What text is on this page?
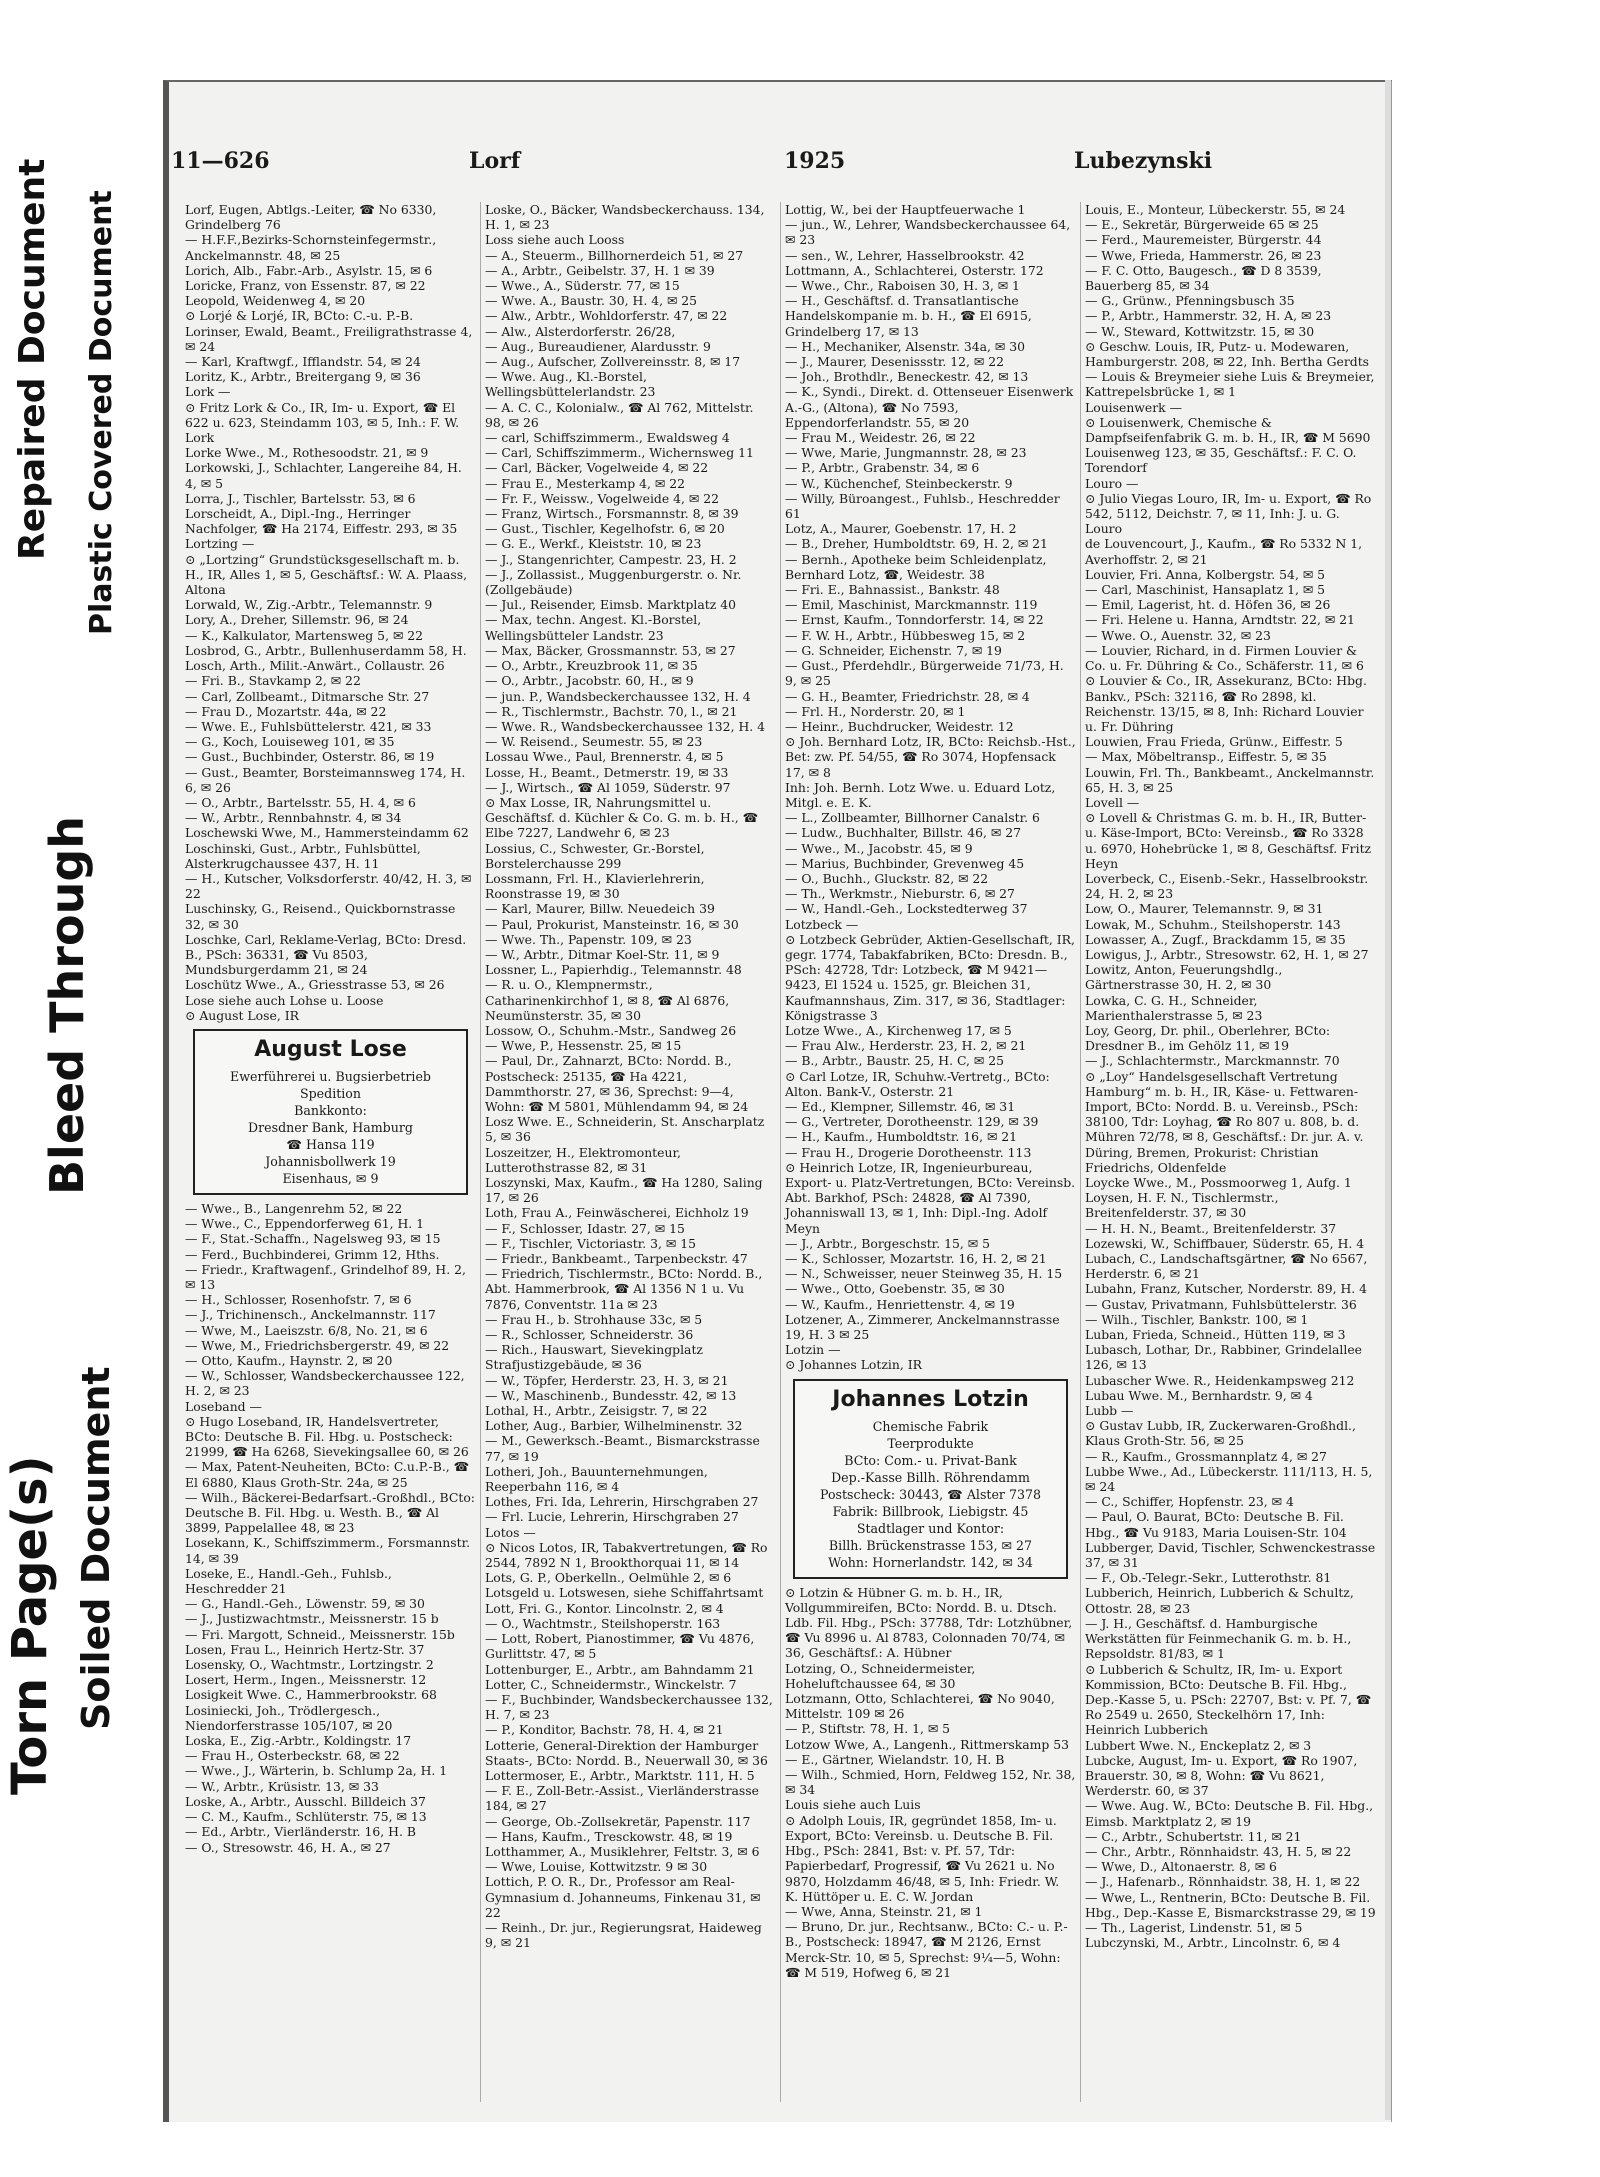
Repaired Document Plastic Covered Document
Bleed Through
Torn Page(s) Soiled Document
11—626	Lorf	1925	Lubezynski

Lorf, Eugen, Abtlgs.-Leiter, ☎ No 6330, Grindelberg 76

— H.F.F.,Bezirks-Schornsteinfegermstr., Anckelmannstr. 48, ✉ 25

Lorich, Alb., Fabr.-Arb., Asylstr. 15, ✉ 6

Loricke, Franz, von Essenstr. 87, ✉ 22

Leopold, Weidenweg 4, ✉ 20

⊙ Lorjé & Lorjé, IR, BCto: C.-u. P.-B.

Lorinser, Ewald, Beamt., Freiligrathstrasse 4, ✉ 24

— Karl, Kraftwgf., Ifflandstr. 54, ✉ 24

Loritz, K., Arbtr., Breitergang 9, ✉ 36

Lork —

⊙ Fritz Lork & Co., IR, Im- u. Export, ☎ El 622 u. 623, Steindamm 103, ✉ 5, Inh.: F. W. Lork

Lorke Wwe., M., Rothesoodstr. 21, ✉ 9

Lorkowski, J., Schlachter, Langereihe 84, H. 4, ✉ 5

Lorra, J., Tischler, Bartelsstr. 53, ✉ 6

Lorscheidt, A., Dipl.-Ing., Herringer Nachfolger, ☎ Ha 2174, Eiffestr. 293, ✉ 35

Lortzing —

⊙ „Lortzing“ Grundstücksgesellschaft m. b. H., IR, Alles 1, ✉ 5, Geschäftsf.: W. A. Plaass, Altona

Lorwald, W., Zig.-Arbtr., Telemannstr. 9

Lory, A., Dreher, Sillemstr. 96, ✉ 24

— K., Kalkulator, Martensweg 5, ✉ 22

Losbrod, G., Arbtr., Bullenhuserdamm 58, H.

Losch, Arth., Milit.-Anwärt., Collaustr. 26

— Fri. B., Stavkamp 2, ✉ 22

— Carl, Zollbeamt., Ditmarsche Str. 27

— Frau D., Mozartstr. 44a, ✉ 22

— Wwe. E., Fuhlsbüttelerstr. 421, ✉ 33

— G., Koch, Louiseweg 101, ✉ 35

— Gust., Buchbinder, Osterstr. 86, ✉ 19

— Gust., Beamter, Borsteimannsweg 174, H. 6, ✉ 26

— O., Arbtr., Bartelsstr. 55, H. 4, ✉ 6

— W., Arbtr., Rennbahnstr. 4, ✉ 34

Loschewski Wwe, M., Hammersteindamm 62

Loschinski, Gust., Arbtr., Fuhlsbüttel, Alsterkrugchaussee 437, H. 11

— H., Kutscher, Volksdorferstr. 40/42, H. 3, ✉ 22

Luschinsky, G., Reisend., Quickbornstrasse 32, ✉ 30

Loschke, Carl, Reklame-Verlag, BCto: Dresd. B., PSch: 36331, ☎ Vu 8503, Mundsburgerdamm 21, ✉ 24

Loschütz Wwe., A., Griesstrasse 53, ✉ 26

Lose siehe auch Lohse u. Loose

⊙ August Lose, IR

August Lose
Ewerführerei u. Bugsierbetrieb
Spedition
Bankkonto:
Dresdner Bank, Hamburg
☎ Hansa 119
Johannisbollwerk 19
Eisenhaus, ✉ 9

— Wwe., B., Langenrehm 52, ✉ 22

— Wwe., C., Eppendorferweg 61, H. 1

— F., Stat.-Schaffn., Nagelsweg 93, ✉ 15

— Ferd., Buchbinderei, Grimm 12, Hths.

— Friedr., Kraftwagenf., Grindelhof 89, H. 2, ✉ 13

— H., Schlosser, Rosenhofstr. 7, ✉ 6

— J., Trichinensch., Anckelmannstr. 117

— Wwe, M., Laeiszstr. 6/8, No. 21, ✉ 6

— Wwe, M., Friedrichsbergerstr. 49, ✉ 22

— Otto, Kaufm., Haynstr. 2, ✉ 20

— W., Schlosser, Wandsbeckerchaussee 122, H. 2, ✉ 23

Loseband —

⊙ Hugo Loseband, IR, Handelsvertreter, BCto: Deutsche B. Fil. Hbg. u. Postscheck: 21999, ☎ Ha 6268, Sievekingsallee 60, ✉ 26

— Max, Patent-Neuheiten, BCto: C.u.P.-B., ☎ El 6880, Klaus Groth-Str. 24a, ✉ 25

— Wilh., Bäckerei-Bedarfsart.-Großhdl., BCto: Deutsche B. Fil. Hbg. u. Westh. B., ☎ Al 3899, Pappelallee 48, ✉ 23

Losekann, K., Schiffszimmerm., Forsmannstr. 14, ✉ 39

Loseke, E., Handl.-Geh., Fuhlsb., Heschredder 21

— G., Handl.-Geh., Löwenstr. 59, ✉ 30

— J., Justizwachtmstr., Meissnerstr. 15 b

— Fri. Margott, Schneid., Meissnerstr. 15b

Losen, Frau L., Heinrich Hertz-Str. 37

Losensky, O., Wachtmstr., Lortzingstr. 2

Losert, Herm., Ingen., Meissnerstr. 12

Losigkeit Wwe. C., Hammerbrookstr. 68

Losiniecki, Joh., Trödlergesch., Niendorferstrasse 105/107, ✉ 20

Loska, E., Zig.-Arbtr., Koldingstr. 17

— Frau H., Osterbeckstr. 68, ✉ 22

— Wwe., J., Wärterin, b. Schlump 2a, H. 1

— W., Arbtr., Krüsistr. 13, ✉ 33

Loske, A., Arbtr., Ausschl. Billdeich 37

— C. M., Kaufm., Schlüterstr. 75, ✉ 13

— Ed., Arbtr., Vierländerstr. 16, H. B

— O., Stresowstr. 46, H. A., ✉ 27

Loske, O., Bäcker, Wandsbeckerchauss. 134, H. 1, ✉ 23

Loss siehe auch Looss

— A., Steuerm., Billhornerdeich 51, ✉ 27

— A., Arbtr., Geibelstr. 37, H. 1 ✉ 39

— Wwe., A., Süderstr. 77, ✉ 15

— Wwe. A., Baustr. 30, H. 4, ✉ 25

— Alw., Arbtr., Wohldorferstr. 47, ✉ 22

— Alw., Alsterdorferstr. 26/28,

— Aug., Bureaudiener, Alardusstr. 9

— Aug., Aufscher, Zollvereinsstr. 8, ✉ 17

— Wwe. Aug., Kl.-Borstel, Wellingsbüttelerlandstr. 23

— A. C. C., Kolonialw., ☎ Al 762, Mittelstr. 98, ✉ 26

— carl, Schiffszimmerm., Ewaldsweg 4

— Carl, Schiffszimmerm., Wichernsweg 11

— Carl, Bäcker, Vogelweide 4, ✉ 22

— Frau E., Mesterkamp 4, ✉ 22

— Fr. F., Weissw., Vogelweide 4, ✉ 22

— Franz, Wirtsch., Forsmannstr. 8, ✉ 39

— Gust., Tischler, Kegelhofstr. 6, ✉ 20

— G. E., Werkf., Kleiststr. 10, ✉ 23

— J., Stangenrichter, Campestr. 23, H. 2

— J., Zollassist., Muggenburgerstr. o. Nr. (Zollgebäude)

— Jul., Reisender, Eimsb. Marktplatz 40

— Max, techn. Angest. Kl.-Borstel, Wellingsbütteler Landstr. 23

— Max, Bäcker, Grossmannstr. 53, ✉ 27

— O., Arbtr., Kreuzbrook 11, ✉ 35

— O., Arbtr., Jacobstr. 60, H., ✉ 9

— jun. P., Wandsbeckerchaussee 132, H. 4

— R., Tischlermstr., Bachstr. 70, l., ✉ 21

— Wwe. R., Wandsbeckerchaussee 132, H. 4

— W. Reisend., Seumestr. 55, ✉ 23

Lossau Wwe., Paul, Brennerstr. 4, ✉ 5

Losse, H., Beamt., Detmerstr. 19, ✉ 33

— J., Wirtsch., ☎ Al 1059, Süderstr. 97

⊙ Max Losse, IR, Nahrungsmittel u. Geschäftsf. d. Küchler & Co. G. m. b. H., ☎ Elbe 7227, Landwehr 6, ✉ 23

Lossius, C., Schwester, Gr.-Borstel, Borstelerchausse 299

Lossmann, Frl. H., Klavierlehrerin, Roonstrasse 19, ✉ 30

— Karl, Maurer, Billw. Neuedeich 39

— Paul, Prokurist, Mansteinstr. 16, ✉ 30

— Wwe. Th., Papenstr. 109, ✉ 23

— W., Arbtr., Ditmar Koel-Str. 11, ✉ 9

Lossner, L., Papierhdig., Telemannstr. 48

— R. u. O., Klempnermstr., Catharinenkirchhof 1, ✉ 8, ☎ Al 6876, Neumünsterstr. 35, ✉ 30

Lossow, O., Schuhm.-Mstr., Sandweg 26

— Wwe, P., Hessenstr. 25, ✉ 15

— Paul, Dr., Zahnarzt, BCto: Nordd. B., Postscheck: 25135, ☎ Ha 4221, Dammthorstr. 27, ✉ 36, Sprechst: 9—4, Wohn: ☎ M 5801, Mühlendamm 94, ✉ 24

Losz Wwe. E., Schneiderin, St. Anscharplatz 5, ✉ 36

Loszeitzer, H., Elektromonteur, Lutterothstrasse 82, ✉ 31

Loszynski, Max, Kaufm., ☎ Ha 1280, Saling 17, ✉ 26

Loth, Frau A., Feinwäscherei, Eichholz 19

— F., Schlosser, Idastr. 27, ✉ 15

— F., Tischler, Victoriastr. 3, ✉ 15

— Friedr., Bankbeamt., Tarpenbeckstr. 47

— Friedrich, Tischlermstr., BCto: Nordd. B., Abt. Hammerbrook, ☎ Al 1356 N 1 u. Vu 7876, Conventstr. 11a ✉ 23

— Frau H., b. Strohhause 33c, ✉ 5

— R., Schlosser, Schneiderstr. 36

— Rich., Hauswart, Sievekingplatz Strafjustizgebäude, ✉ 36

— W., Töpfer, Herderstr. 23, H. 3, ✉ 21

— W., Maschinenb., Bundesstr. 42, ✉ 13

Lothal, H., Arbtr., Zeisigstr. 7, ✉ 22

Lother, Aug., Barbier, Wilhelminenstr. 32

— M., Gewerksch.-Beamt., Bismarckstrasse 77, ✉ 19

Lotheri, Joh., Bauunternehmungen, Reeperbahn 116, ✉ 4

Lothes, Fri. Ida, Lehrerin, Hirschgraben 27

— Frl. Lucie, Lehrerin, Hirschgraben 27

Lotos —

⊙ Nicos Lotos, IR, Tabakvertretungen, ☎ Ro 2544, 7892 N 1, Brookthorquai 11, ✉ 14

Lots, G. P., Oberkelln., Oelmühle 2, ✉ 6

Lotsgeld u. Lotswesen, siehe Schiffahrtsamt

Lott, Fri. G., Kontor. Lincolnstr. 2, ✉ 4

— O., Wachtmstr., Steilshoperstr. 163

— Lott, Robert, Pianostimmer, ☎ Vu 4876, Gurlittstr. 47, ✉ 5

Lottenburger, E., Arbtr., am Bahndamm 21

Lotter, C., Schneidermstr., Winckelstr. 7

— F., Buchbinder, Wandsbeckerchaussee 132, H. 7, ✉ 23

— P., Konditor, Bachstr. 78, H. 4, ✉ 21

Lotterie, General-Direktion der Hamburger Staats-, BCto: Nordd. B., Neuerwall 30, ✉ 36

Lottermoser, E., Arbtr., Marktstr. 111, H. 5

— F. E., Zoll-Betr.-Assist., Vierländerstrasse 184, ✉ 27

— George, Ob.-Zollsekretär, Papenstr. 117

— Hans, Kaufm., Tresckowstr. 48, ✉ 19

Lotthammer, A., Musiklehrer, Feltstr. 3, ✉ 6

— Wwe, Louise, Kottwitzstr. 9 ✉ 30

Lottich, P. O. R., Dr., Professor am Real-Gymnasium d. Johanneums, Finkenau 31, ✉ 22

— Reinh., Dr. jur., Regierungsrat, Haideweg 9, ✉ 21

Lottig, W., bei der Hauptfeuerwache 1

— jun., W., Lehrer, Wandsbeckerchaussee 64, ✉ 23

— sen., W., Lehrer, Hasselbrookstr. 42

Lottmann, A., Schlachterei, Osterstr. 172

— Wwe., Chr., Raboisen 30, H. 3, ✉ 1

— H., Geschäftsf. d. Transatlantische Handelskompanie m. b. H., ☎ El 6915, Grindelberg 17, ✉ 13

— H., Mechaniker, Alsenstr. 34a, ✉ 30

— J., Maurer, Desenissstr. 12, ✉ 22

— Joh., Brothdlr., Beneckestr. 42, ✉ 13

— K., Syndi., Direkt. d. Ottenseuer Eisenwerk A.-G., (Altona), ☎ No 7593, Eppendorferlandstr. 55, ✉ 20

— Frau M., Weidestr. 26, ✉ 22

— Wwe, Marie, Jungmannstr. 28, ✉ 23

— P., Arbtr., Grabenstr. 34, ✉ 6

— W., Küchenchef, Steinbeckerstr. 9

— Willy, Büroangest., Fuhlsb., Heschredder 61

Lotz, A., Maurer, Goebenstr. 17, H. 2

— B., Dreher, Humboldtstr. 69, H. 2, ✉ 21

— Bernh., Apotheke beim Schleidenplatz, Bernhard Lotz, ☎, Weidestr. 38

— Fri. E., Bahnassist., Bankstr. 48

— Emil, Maschinist, Marckmannstr. 119

— Ernst, Kaufm., Tonndorferstr. 14, ✉ 22

— F. W. H., Arbtr., Hübbesweg 15, ✉ 2

— G. Schneider, Eichenstr. 7, ✉ 19

— Gust., Pferdehdlr., Bürgerweide 71/73, H. 9, ✉ 25

— G. H., Beamter, Friedrichstr. 28, ✉ 4

— Frl. H., Norderstr. 20, ✉ 1

— Heinr., Buchdrucker, Weidestr. 12

⊙ Joh. Bernhard Lotz, IR, BCto: Reichsb.-Hst., Bet: zw. Pf. 54/55, ☎ Ro 3074, Hopfensack 17, ✉ 8

Inh: Joh. Bernh. Lotz Wwe. u. Eduard Lotz, Mitgl. e. E. K.

— L., Zollbeamter, Billhorner Canalstr. 6

— Ludw., Buchhalter, Billstr. 46, ✉ 27

— Wwe., M., Jacobstr. 45, ✉ 9

— Marius, Buchbinder, Grevenweg 45

— O., Buchh., Gluckstr. 82, ✉ 22

— Th., Werkmstr., Nieburstr. 6, ✉ 27

— W., Handl.-Geh., Lockstedterweg 37

Lotzbeck —

⊙ Lotzbeck Gebrüder, Aktien-Gesellschaft, IR, gegr. 1774, Tabakfabriken, BCto: Dresdn. B., PSch: 42728, Tdr: Lotzbeck, ☎ M 9421—9423, El 1524 u. 1525, gr. Bleichen 31, Kaufmannshaus, Zim. 317, ✉ 36, Stadtlager: Königstrasse 3

Lotze Wwe., A., Kirchenweg 17, ✉ 5

— Frau Alw., Herderstr. 23, H. 2, ✉ 21

— B., Arbtr., Baustr. 25, H. C, ✉ 25

⊙ Carl Lotze, IR, Schuhw.-Vertretg., BCto: Alton. Bank-V., Osterstr. 21

— Ed., Klempner, Sillemstr. 46, ✉ 31

— G., Vertreter, Dorotheenstr. 129, ✉ 39

— H., Kaufm., Humboldtstr. 16, ✉ 21

— Frau H., Drogerie Dorotheenstr. 113

⊙ Heinrich Lotze, IR, Ingenieurbureau, Export- u. Platz-Vertretungen, BCto: Vereinsb. Abt. Barkhof, PSch: 24828, ☎ Al 7390, Johanniswall 13, ✉ 1, Inh: Dipl.-Ing. Adolf Meyn

— J., Arbtr., Borgeschstr. 15, ✉ 5

— K., Schlosser, Mozartstr. 16, H. 2, ✉ 21

— N., Schweisser, neuer Steinweg 35, H. 15

— Wwe., Otto, Goebenstr. 35, ✉ 30

— W., Kaufm., Henriettenstr. 4, ✉ 19

Lotzener, A., Zimmerer, Anckelmannstrasse 19, H. 3 ✉ 25

Lotzin —

⊙ Johannes Lotzin, IR

Johannes Lotzin
Chemische Fabrik
Teerprodukte
BCto: Com.- u. Privat-Bank
Dep.-Kasse Billh. Röhrendamm
Postscheck: 30443, ☎ Alster 7378
Fabrik: Billbrook, Liebigstr. 45
Stadtlager und Kontor:
Billh. Brückenstrasse 153, ✉ 27
Wohn: Hornerlandstr. 142, ✉ 34

⊙ Lotzin & Hübner G. m. b. H., IR, Vollgummireifen, BCto: Nordd. B. u. Dtsch. Ldb. Fil. Hbg., PSch: 37788, Tdr: Lotzhübner, ☎ Vu 8996 u. Al 8783, Colonnaden 70/74, ✉ 36, Geschäftsf.: A. Hübner

Lotzing, O., Schneidermeister, Hoheluftchaussee 64, ✉ 30

Lotzmann, Otto, Schlachterei, ☎ No 9040, Mittelstr. 109 ✉ 26

— P., Stiftstr. 78, H. 1, ✉ 5

Lotzow Wwe, A., Langenh., Rittmerskamp 53

— E., Gärtner, Wielandstr. 10, H. B

— Wilh., Schmied, Horn, Feldweg 152, Nr. 38, ✉ 34

Louis siehe auch Luis

⊙ Adolph Louis, IR, gegründet 1858, Im- u. Export, BCto: Vereinsb. u. Deutsche B. Fil. Hbg., PSch: 2841, Bst: v. Pf. 57, Tdr: Papierbedarf, Progressif, ☎ Vu 2621 u. No 9870, Holzdamm 46/48, ✉ 5, Inh: Friedr. W. K. Hüttöper u. E. C. W. Jordan

— Wwe, Anna, Steinstr. 21, ✉ 1

— Bruno, Dr. jur., Rechtsanw., BCto: C.- u. P.-B., Postscheck: 18947, ☎ M 2126, Ernst Merck-Str. 10, ✉ 5, Sprechst: 9¼—5, Wohn: ☎ M 519, Hofweg 6, ✉ 21

Louis, E., Monteur, Lübeckerstr. 55, ✉ 24

— E., Sekretär, Bürgerweide 65 ✉ 25

— Ferd., Mauremeister, Bürgerstr. 44

— Wwe, Frieda, Hammerstr. 26, ✉ 23

— F. C. Otto, Baugesch., ☎ D 8 3539, Bauerberg 85, ✉ 34

— G., Grünw., Pfenningsbusch 35

— P., Arbtr., Hammerstr. 32, H. A, ✉ 23

— W., Steward, Kottwitzstr. 15, ✉ 30

⊙ Geschw. Louis, IR, Putz- u. Modewaren, Hamburgerstr. 208, ✉ 22, Inh. Bertha Gerdts

— Louis & Breymeier siehe Luis & Breymeier, Kattrepelsbrücke 1, ✉ 1

Louisenwerk —

⊙ Louisenwerk, Chemische & Dampfseifenfabrik G. m. b. H., IR, ☎ M 5690 Louisenweg 123, ✉ 35, Geschäftsf.: F. C. O. Torendorf

Louro —

⊙ Julio Viegas Louro, IR, Im- u. Export, ☎ Ro 542, 5112, Deichstr. 7, ✉ 11, Inh: J. u. G. Louro

de Louvencourt, J., Kaufm., ☎ Ro 5332 N 1, Averhoffstr. 2, ✉ 21

Louvier, Fri. Anna, Kolbergstr. 54, ✉ 5

— Carl, Maschinist, Hansaplatz 1, ✉ 5

— Emil, Lagerist, ht. d. Höfen 36, ✉ 26

— Fri. Helene u. Hanna, Arndtstr. 22, ✉ 21

— Wwe. O., Auenstr. 32, ✉ 23

— Louvier, Richard, in d. Firmen Louvier & Co. u. Fr. Dühring & Co., Schäferstr. 11, ✉ 6

⊙ Louvier & Co., IR, Assekuranz, BCto: Hbg. Bankv., PSch: 32116, ☎ Ro 2898, kl. Reichenstr. 13/15, ✉ 8, Inh: Richard Louvier u. Fr. Dühring

Louwien, Frau Frieda, Grünw., Eiffestr. 5

— Max, Möbeltransp., Eiffestr. 5, ✉ 35

Louwin, Frl. Th., Bankbeamt., Anckelmannstr. 65, H. 3, ✉ 25

Lovell —

⊙ Lovell & Christmas G. m. b. H., IR, Butter- u. Käse-Import, BCto: Vereinsb., ☎ Ro 3328 u. 6970, Hohebrücke 1, ✉ 8, Geschäftsf. Fritz Heyn

Loverbeck, C., Eisenb.-Sekr., Hasselbrookstr. 24, H. 2, ✉ 23

Low, O., Maurer, Telemannstr. 9, ✉ 31

Lowak, M., Schuhm., Steilshoperstr. 143

Lowasser, A., Zugf., Brackdamm 15, ✉ 35

Lowigus, J., Arbtr., Stresowstr. 62, H. 1, ✉ 27

Lowitz, Anton, Feuerungshdlg., Gärtnerstrasse 30, H. 2, ✉ 30

Lowka, C. G. H., Schneider, Marienthalerstrasse 5, ✉ 23

Loy, Georg, Dr. phil., Oberlehrer, BCto: Dresdner B., im Gehölz 11, ✉ 19

— J., Schlachtermstr., Marckmannstr. 70

⊙ „Loy“ Handelsgesellschaft Vertretung Hamburg“ m. b. H., IR, Käse- u. Fettwaren-Import, BCto: Nordd. B. u. Vereinsb., PSch: 38100, Tdr: Loyhag, ☎ Ro 807 u. 808, b. d. Mühren 72/78, ✉ 8, Geschäftsf.: Dr. jur. A. v. Düring, Bremen, Prokurist: Christian Friedrichs, Oldenfelde

Loycke Wwe., M., Possmoorweg 1, Aufg. 1

Loysen, H. F. N., Tischlermstr., Breitenfelderstr. 37, ✉ 30

— H. H. N., Beamt., Breitenfelderstr. 37

Lozewski, W., Schiffbauer, Süderstr. 65, H. 4

Lubach, C., Landschaftsgärtner, ☎ No 6567, Herderstr. 6, ✉ 21

Lubahn, Franz, Kutscher, Norderstr. 89, H. 4

— Gustav, Privatmann, Fuhlsbüttelerstr. 36

— Wilh., Tischler, Bankstr. 100, ✉ 1

Luban, Frieda, Schneid., Hütten 119, ✉ 3

Lubasch, Lothar, Dr., Rabbiner, Grindelallee 126, ✉ 13

Lubascher Wwe. R., Heidenkampsweg 212

Lubau Wwe. M., Bernhardstr. 9, ✉ 4

Lubb —

⊙ Gustav Lubb, IR, Zuckerwaren-Großhdl., Klaus Groth-Str. 56, ✉ 25

— R., Kaufm., Grossmannplatz 4, ✉ 27

Lubbe Wwe., Ad., Lübeckerstr. 111/113, H. 5, ✉ 24

— C., Schiffer, Hopfenstr. 23, ✉ 4

— Paul, O. Baurat, BCto: Deutsche B. Fil. Hbg., ☎ Vu 9183, Maria Louisen-Str. 104

Lubberger, David, Tischler, Schwenckestrasse 37, ✉ 31

— F., Ob.-Telegr.-Sekr., Lutterothstr. 81

Lubberich, Heinrich, Lubberich & Schultz, Ottostr. 28, ✉ 23

— J. H., Geschäftsf. d. Hamburgische Werkstätten für Feinmechanik G. m. b. H., Repsoldstr. 81/83, ✉ 1

⊙ Lubberich & Schultz, IR, Im- u. Export Kommission, BCto: Deutsche B. Fil. Hbg., Dep.-Kasse 5, u. PSch: 22707, Bst: v. Pf. 7, ☎ Ro 2549 u. 2650, Steckelhörn 17, Inh: Heinrich Lubberich

Lubbert Wwe. N., Enckeplatz 2, ✉ 3

Lubcke, August, Im- u. Export, ☎ Ro 1907, Brauerstr. 30, ✉ 8, Wohn: ☎ Vu 8621, Werderstr. 60, ✉ 37

— Wwe. Aug. W., BCto: Deutsche B. Fil. Hbg., Eimsb. Marktplatz 2, ✉ 19

— C., Arbtr., Schubertstr. 11, ✉ 21

— Chr., Arbtr., Rönnhaidstr. 43, H. 5, ✉ 22

— Wwe, D., Altonaerstr. 8, ✉ 6

— J., Hafenarb., Rönnhaidstr. 38, H. 1, ✉ 22

— Wwe, L., Rentnerin, BCto: Deutsche B. Fil. Hbg., Dep.-Kasse E, Bismarckstrasse 29, ✉ 19

— Th., Lagerist, Lindenstr. 51, ✉ 5

Lubczynski, M., Arbtr., Lincolnstr. 6, ✉ 4
